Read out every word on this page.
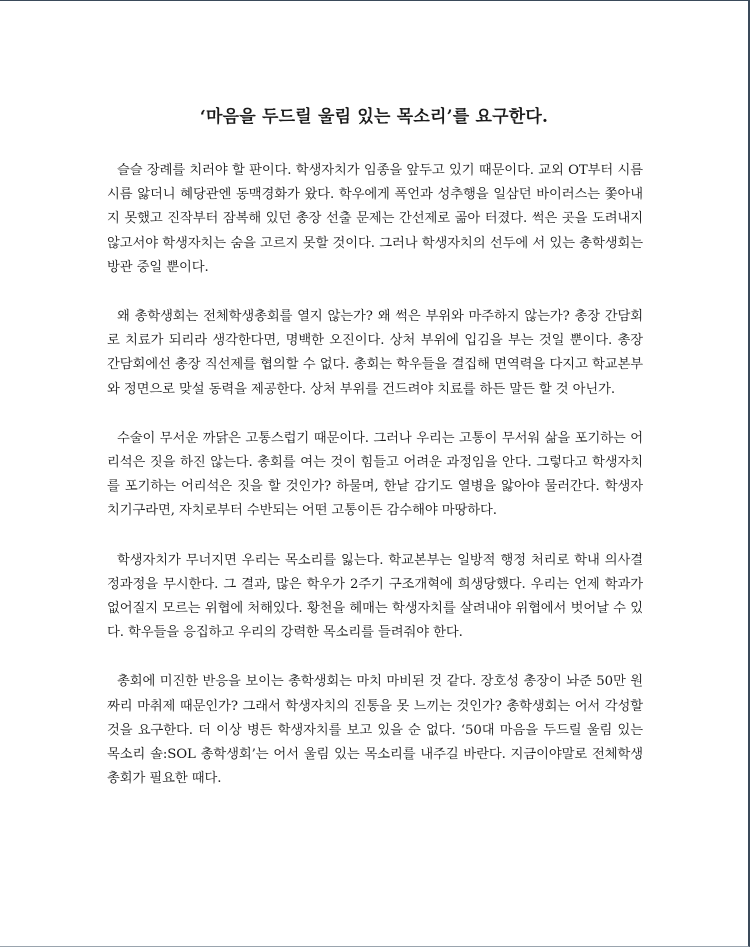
‘마음을 두드릴 울림 있는 목소리’를 요구한다.

슬슬 장례를 치러야 할 판이다. 학생자치가 임종을 앞두고 있기 때문이다. 교외 OT부터 시름시름 앓더니 혜당관엔 동맥경화가 왔다. 학우에게 폭언과 성추행을 일삼던 바이러스는 쫓아내지 못했고 진작부터 잠복해 있던 총장 선출 문제는 간선제로 곪아 터졌다. 썩은 곳을 도려내지 않고서야 학생자치는 숨을 고르지 못할 것이다. 그러나 학생자치의 선두에 서 있는 총학생회는 방관 중일 뿐이다.

왜 총학생회는 전체학생총회를 열지 않는가? 왜 썩은 부위와 마주하지 않는가? 총장 간담회로 치료가 되리라 생각한다면, 명백한 오진이다. 상처 부위에 입김을 부는 것일 뿐이다. 총장 간담회에선 총장 직선제를 협의할 수 없다. 총회는 학우들을 결집해 면역력을 다지고 학교본부와 정면으로 맞설 동력을 제공한다. 상처 부위를 건드려야 치료를 하든 말든 할 것 아닌가.

수술이 무서운 까닭은 고통스럽기 때문이다. 그러나 우리는 고통이 무서워 삶을 포기하는 어리석은 짓을 하진 않는다. 총회를 여는 것이 힘들고 어려운 과정임을 안다. 그렇다고 학생자치를 포기하는 어리석은 짓을 할 것인가? 하물며, 한낱 감기도 열병을 앓아야 물러간다. 학생자치기구라면, 자치로부터 수반되는 어떤 고통이든 감수해야 마땅하다.

학생자치가 무너지면 우리는 목소리를 잃는다. 학교본부는 일방적 행정 처리로 학내 의사결정과정을 무시한다. 그 결과, 많은 학우가 2주기 구조개혁에 희생당했다. 우리는 언제 학과가 없어질지 모르는 위협에 처해있다. 황천을 헤매는 학생자치를 살려내야 위협에서 벗어날 수 있다. 학우들을 응집하고 우리의 강력한 목소리를 들려줘야 한다.

총회에 미진한 반응을 보이는 총학생회는 마치 마비된 것 같다. 장호성 총장이 놔준 50만 원짜리 마취제 때문인가? 그래서 학생자치의 진통을 못 느끼는 것인가? 총학생회는 어서 각성할 것을 요구한다. 더 이상 병든 학생자치를 보고 있을 순 없다. ‘50대 마음을 두드릴 울림 있는 목소리 솔:SOL 총학생회’는 어서 울림 있는 목소리를 내주길 바란다. 지금이야말로 전체학생총회가 필요한 때다.
